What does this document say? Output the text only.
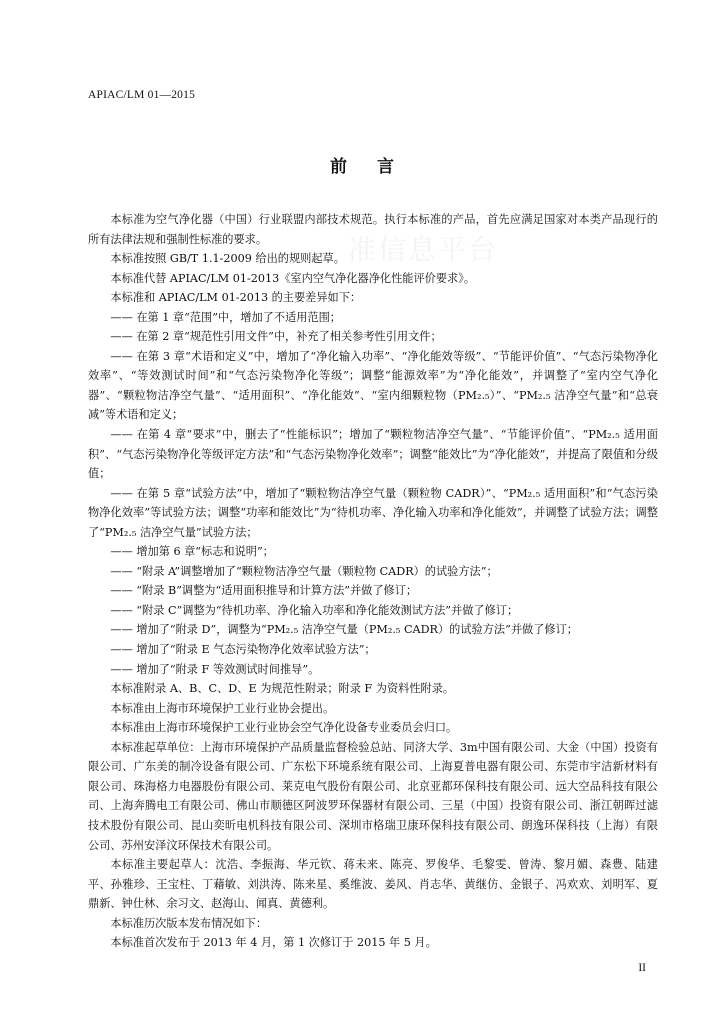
APIAC/LM 01—2015
前言
准信息平台

本标准为空气净化器（中国）行业联盟内部技术规范。执行本标准的产品，首先应满足国家对本类产品现行的所有法律法规和强制性标准的要求。

本标准按照 GB/T 1.1-2009 给出的规则起草。

本标准代替 APIAC/LM 01-2013《室内空气净化器净化性能评价要求》。

本标准和 APIAC/LM 01-2013 的主要差异如下：

—— 在第 1 章“范围”中，增加了不适用范围；

—— 在第 2 章“规范性引用文件”中，补充了相关参考性引用文件；

—— 在第 3 章“术语和定义”中，增加了“净化输入功率”、“净化能效等级”、“节能评价值”、“气态污染物净化效率”、“等效测试时间”和“气态污染物净化等级”；调整“能源效率”为“净化能效”，并调整了“室内空气净化器”、“颗粒物洁净空气量”、“适用面积”、“净化能效”、“室内细颗粒物（PM₂.₅）”、“PM₂.₅ 洁净空气量”和“总衰减”等术语和定义；

—— 在第 4 章“要求”中，删去了“性能标识”；增加了“颗粒物洁净空气量”、“节能评价值”、“PM₂.₅ 适用面积”、“气态污染物净化等级评定方法”和“气态污染物净化效率”；调整“能效比”为“净化能效”，并提高了限值和分级值；

—— 在第 5 章“试验方法”中，增加了“颗粒物洁净空气量（颗粒物 CADR）”、“PM₂.₅ 适用面积”和“气态污染物净化效率”等试验方法；调整“功率和能效比”为“待机功率、净化输入功率和净化能效”，并调整了试验方法；调整了“PM₂.₅ 洁净空气量”试验方法；

—— 增加第 6 章“标志和说明”；

—— “附录 A”调整增加了“颗粒物洁净空气量（颗粒物 CADR）的试验方法”；

—— “附录 B”调整为“适用面积推导和计算方法”并做了修订；

—— “附录 C”调整为“待机功率、净化输入功率和净化能效测试方法”并做了修订；

—— 增加了“附录 D”，调整为“PM₂.₅ 洁净空气量（PM₂.₅ CADR）的试验方法”并做了修订；

—— 增加了“附录 E 气态污染物净化效率试验方法”；

—— 增加了“附录 F 等效测试时间推导”。

本标准附录 A、B、C、D、E 为规范性附录；附录 F 为资料性附录。

本标准由上海市环境保护工业行业协会提出。

本标准由上海市环境保护工业行业协会空气净化设备专业委员会归口。

本标准起草单位：上海市环境保护产品质量监督检验总站、同济大学、3m中国有限公司、大金（中国）投资有限公司、广东美的制冷设备有限公司、广东松下环境系统有限公司、上海夏普电器有限公司、东莞市宇洁新材料有限公司、珠海格力电器股份有限公司、莱克电气股份有限公司、北京亚都环保科技有限公司、远大空品科技有限公司、上海奔腾电工有限公司、佛山市顺德区阿波罗环保器材有限公司、三星（中国）投资有限公司、浙江朝晖过滤技术股份有限公司、昆山奕昕电机科技有限公司、深圳市格瑞卫康环保科技有限公司、朗逸环保科技（上海）有限公司、苏州安泽汶环保技术有限公司。

本标准主要起草人：沈浩、李振海、华元钦、蒋未来、陈亮、罗俊华、毛黎雯、曾涛、黎月媚、森豊、陆建平、孙雅珍、王宝柱、丁藉敏、刘洪涛、陈来星、奚维波、姜风、肖志华、黄继仿、金银子、冯欢欢、刘明军、夏鼎新、钟仕林、余习文、赵海山、闻真、黄德利。

本标准历次版本发布情况如下：

本标准首次发布于 2013 年 4 月，第 1 次修订于 2015 年 5 月。

II
